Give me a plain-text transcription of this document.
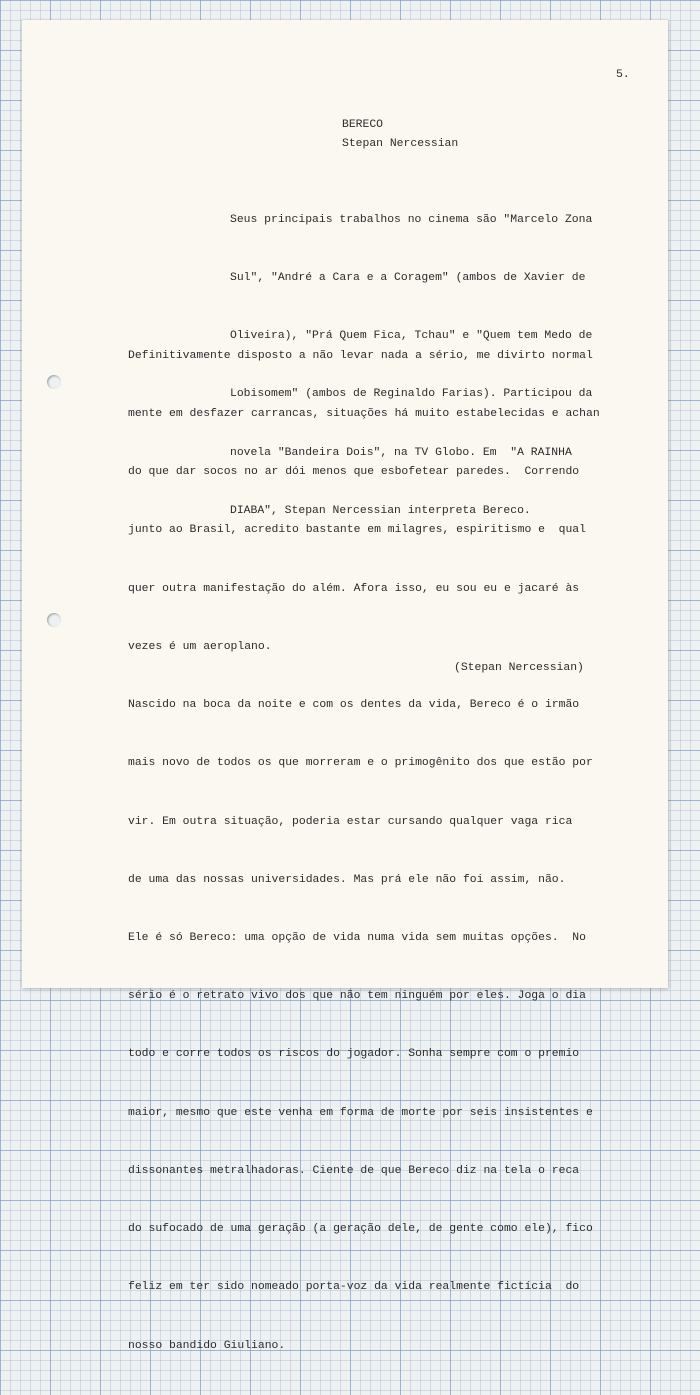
5.

BERECO

Stepan Nercessian

Seus principais trabalhos no cinema são "Marcelo Zona

Sul", "André a Cara e a Coragem" (ambos de Xavier de

Oliveira), "Prá Quem Fica, Tchau" e "Quem tem Medo de

Lobisomem" (ambos de Reginaldo Farias). Participou da

novela "Bandeira Dois", na TV Globo. Em  "A RAINHA

DIABA", Stepan Nercessian interpreta Bereco.

Definitivamente disposto a não levar nada a sério, me divirto normal

mente em desfazer carrancas, situações há muito estabelecidas e achan

do que dar socos no ar dói menos que esbofetear paredes.  Correndo

junto ao Brasil, acredito bastante em milagres, espiritismo e  qual

quer outra manifestação do além. Afora isso, eu sou eu e jacaré às

vezes é um aeroplano.

Nascido na boca da noite e com os dentes da vida, Bereco é o irmão

mais novo de todos os que morreram e o primogênito dos que estão por

vir. Em outra situação, poderia estar cursando qualquer vaga rica

de uma das nossas universidades. Mas prá ele não foi assim, não.

Ele é só Bereco: uma opção de vida numa vida sem muitas opções.  No

sério é o retrato vivo dos que não tem ninguém por eles. Joga o dia

todo e corre todos os riscos do jogador. Sonha sempre com o premio

maior, mesmo que este venha em forma de morte por seis insistentes e

dissonantes metralhadoras. Ciente de que Bereco diz na tela o reca

do sufocado de uma geração (a geração dele, de gente como ele), fico

feliz em ter sido nomeado porta-voz da vida realmente fictícia  do

nosso bandido Giuliano.

(Stepan Nercessian)
